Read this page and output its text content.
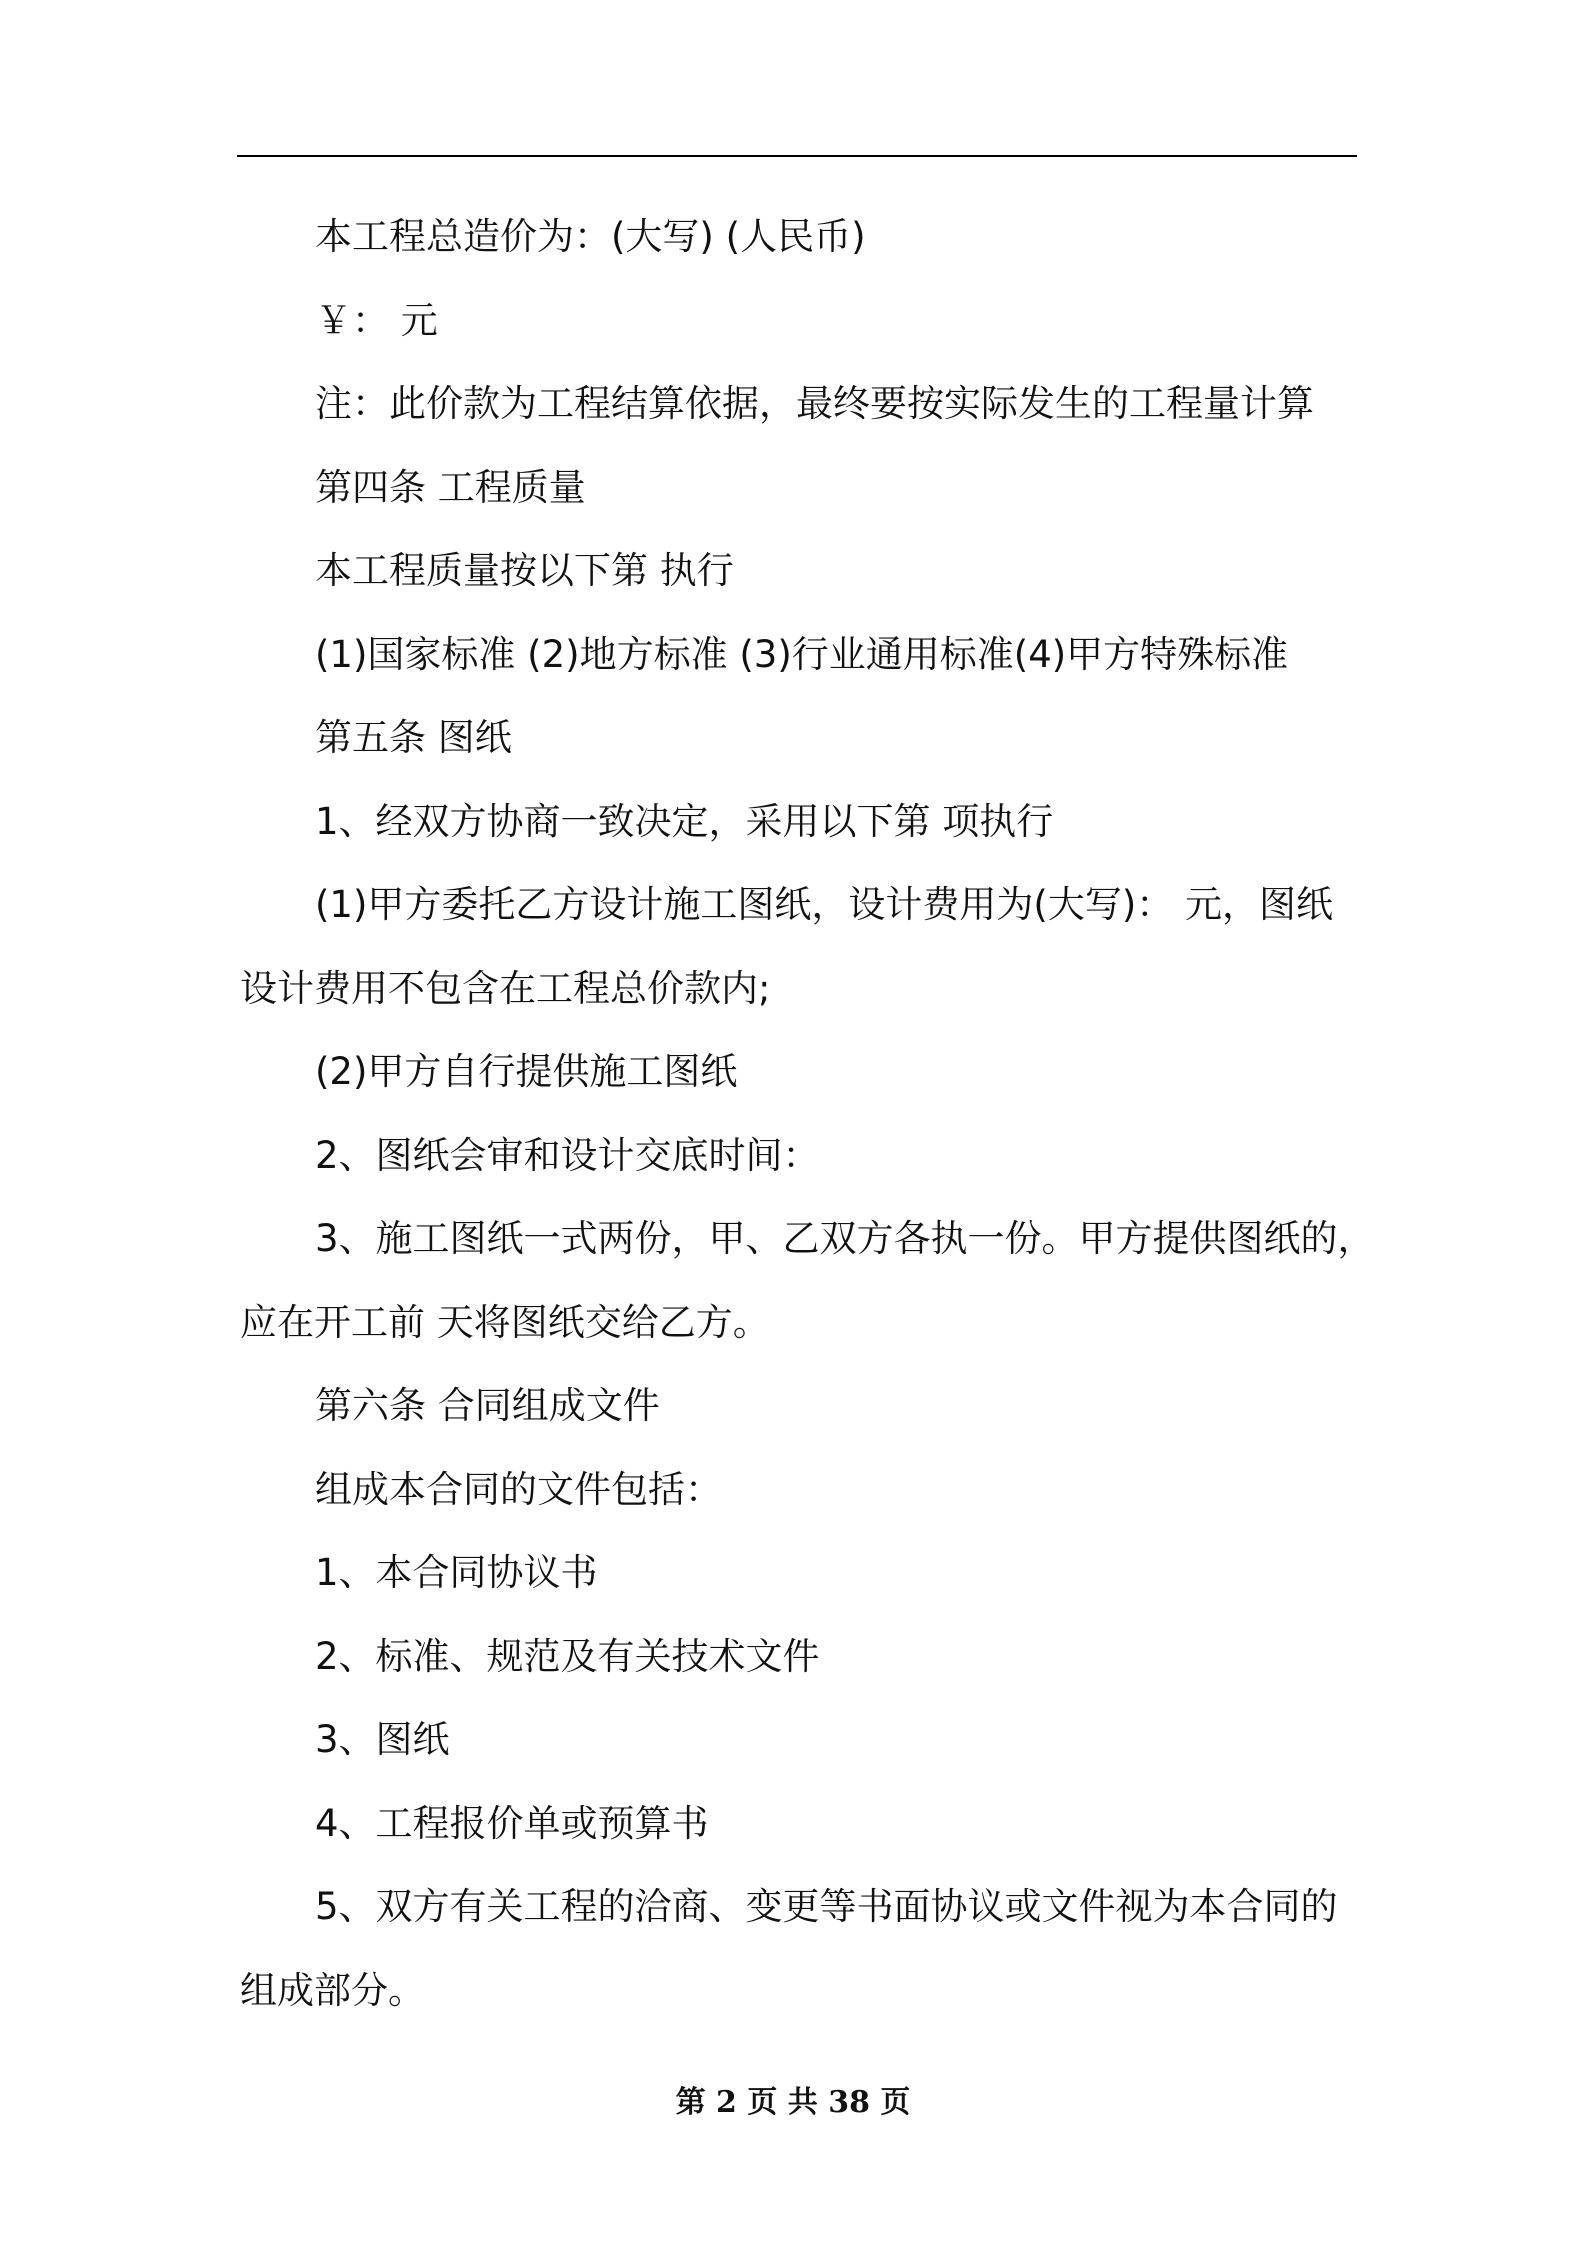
本工程总造价为：(大写) (人民币)

￥： 元

注：此价款为工程结算依据，最终要按实际发生的工程量计算

第四条 工程质量

本工程质量按以下第 执行

(1)国家标准 (2)地方标准 (3)行业通用标准(4)甲方特殊标准

第五条 图纸

1、经双方协商一致决定，采用以下第 项执行

(1)甲方委托乙方设计施工图纸，设计费用为(大写)： 元，图纸

设计费用不包含在工程总价款内;

(2)甲方自行提供施工图纸

2、图纸会审和设计交底时间：

3、施工图纸一式两份，甲、乙双方各执一份。甲方提供图纸的，

应在开工前 天将图纸交给乙方。

第六条 合同组成文件

组成本合同的文件包括：

1、本合同协议书

2、标准、规范及有关技术文件

3、图纸

4、工程报价单或预算书

5、双方有关工程的洽商、变更等书面协议或文件视为本合同的

组成部分。

第 2 页 共 38 页
